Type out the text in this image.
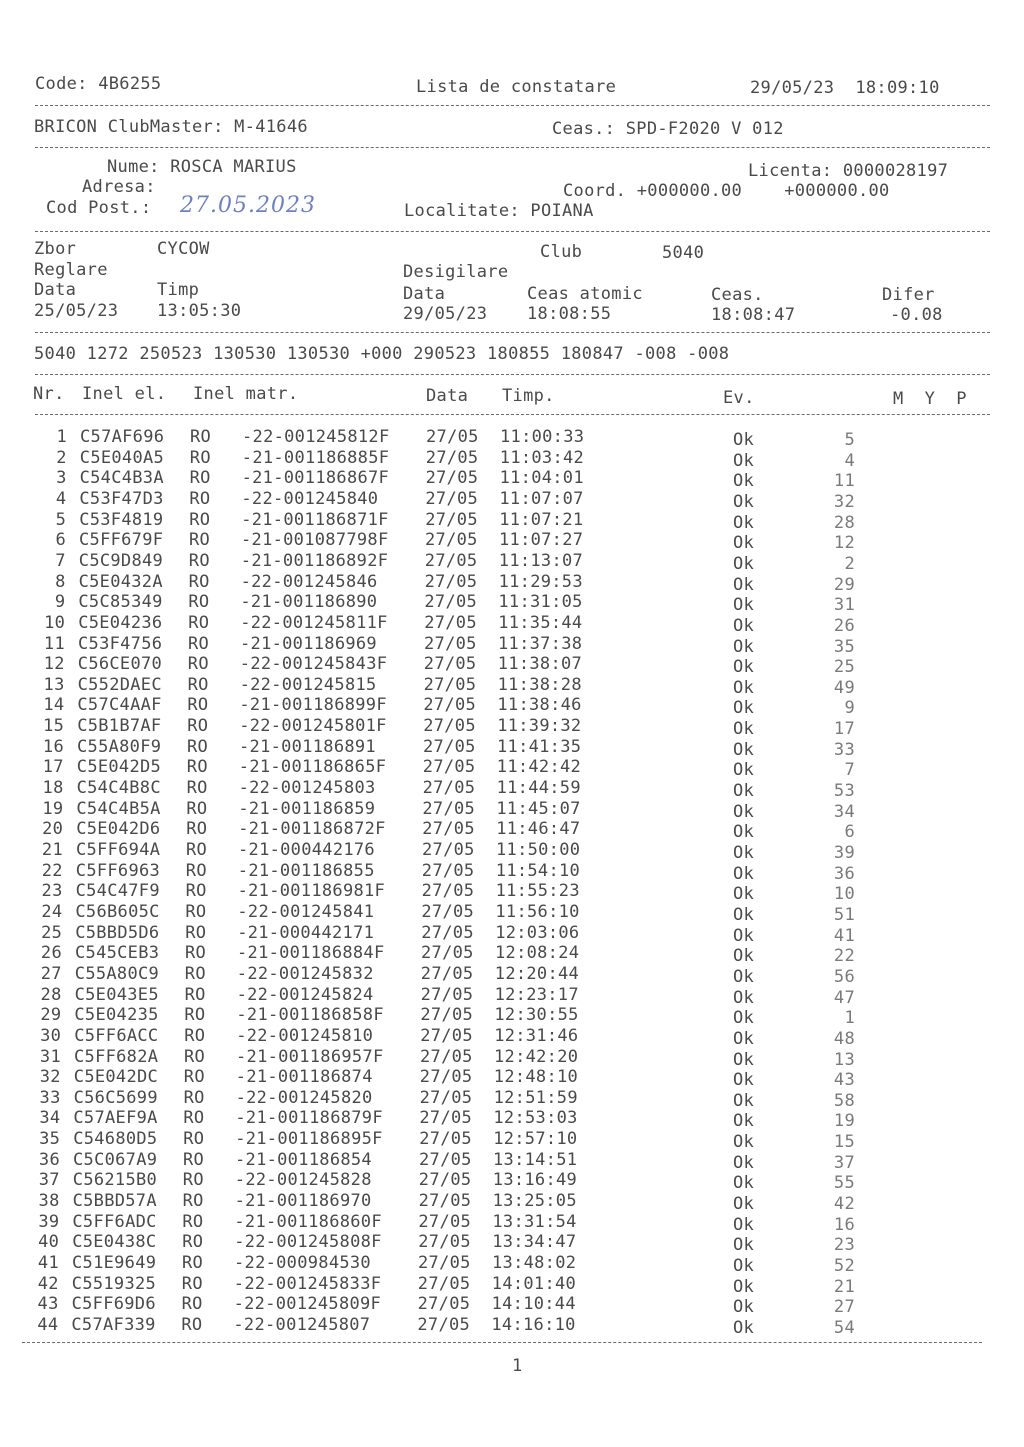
Code: 4B6255	Lista de constatare	29/05/23  18:09:10
BRICON ClubMaster: M-41646	Ceas.: SPD-F2020 V 012
Nume: ROSCA MARIUS	Licenta: 0000028197
Adresa:	Coord. +000000.00    +000000.00
Cod Post.: 27.05.2023	Localitate: POIANA
Zbor	CYCOW	Club	5040
Reglare	Desigilare
Data	Timp	Data	Ceas atomic	Ceas.	Difer
25/05/23 13:05:30	29/05/23 18:08:55	18:08:47	-0.08
5040 1272 250523 130530 130530 +000 290523 180855 180847 -008 -008
Nr. Inel el. Inel matr.	Data Timp.	Ev.	M  Y  P
1 C57AF696 RO -22-001245812F 27/05 11:00:33	Ok	5
2 C5E040A5 RO -21-001186885F 27/05 11:03:42	Ok	4
3 C54C4B3A RO -21-001186867F 27/05 11:04:01	Ok	11
4 C53F47D3 RO -22-001245840	27/05 11:07:07	Ok	32
5 C53F4819 RO -21-001186871F 27/05 11:07:21	Ok	28
6 C5FF679F RO -21-001087798F 27/05 11:07:27	Ok	12
7 C5C9D849 RO -21-001186892F 27/05 11:13:07	Ok	2
8 C5E0432A RO -22-001245846	27/05 11:29:53	Ok	29
9 C5C85349 RO -21-001186890	27/05 11:31:05	Ok	31
10 C5E04236 RO -22-001245811F 27/05 11:35:44	Ok	26
11 C53F4756 RO -21-001186969	27/05 11:37:38	Ok	35
12 C56CE070 RO -22-001245843F 27/05 11:38:07	Ok	25
13 C552DAEC RO -22-001245815	27/05 11:38:28	Ok	49
14 C57C4AAF RO -21-001186899F 27/05 11:38:46	Ok	9
15 C5B1B7AF RO -22-001245801F 27/05 11:39:32	Ok	17
16 C55A80F9 RO -21-001186891	27/05 11:41:35	Ok	33
17 C5E042D5 RO -21-001186865F 27/05 11:42:42	Ok	7
18 C54C4B8C RO -22-001245803	27/05 11:44:59	Ok	53
19 C54C4B5A RO -21-001186859	27/05 11:45:07	Ok	34
20 C5E042D6 RO -21-001186872F 27/05 11:46:47	Ok	6
21 C5FF694A RO -21-000442176	27/05 11:50:00	Ok	39
22 C5FF6963 RO -21-001186855	27/05 11:54:10	Ok	36
23 C54C47F9 RO -21-001186981F 27/05 11:55:23	Ok	10
24 C56B605C RO -22-001245841	27/05 11:56:10	Ok	51
25 C5BBD5D6 RO -21-000442171	27/05 12:03:06	Ok	41
26 C545CEB3 RO -21-001186884F 27/05 12:08:24	Ok	22
27 C55A80C9 RO -22-001245832	27/05 12:20:44	Ok	56
28 C5E043E5 RO -22-001245824	27/05 12:23:17	Ok	47
29 C5E04235 RO -21-001186858F 27/05 12:30:55	Ok	1
30 C5FF6ACC RO -22-001245810	27/05 12:31:46	Ok	48
31 C5FF682A RO -21-001186957F 27/05 12:42:20	Ok	13
32 C5E042DC RO -21-001186874	27/05 12:48:10	Ok	43
33 C56C5699 RO -22-001245820	27/05 12:51:59	Ok	58
34 C57AEF9A RO -21-001186879F 27/05 12:53:03	Ok	19
35 C54680D5 RO -21-001186895F 27/05 12:57:10	Ok	15
36 C5C067A9 RO -21-001186854	27/05 13:14:51	Ok	37
37 C56215B0 RO -22-001245828	27/05 13:16:49	Ok	55
38 C5BBD57A RO -21-001186970	27/05 13:25:05	Ok	42
39 C5FF6ADC RO -21-001186860F 27/05 13:31:54	Ok	16
40 C5E0438C RO -22-001245808F 27/05 13:34:47	Ok	23
41 C51E9649 RO -22-000984530	27/05 13:48:02	Ok	52
42 C5519325 RO -22-001245833F 27/05 14:01:40	Ok	21
43 C5FF69D6 RO -22-001245809F 27/05 14:10:44	Ok	27
44 C57AF339 RO -22-001245807	27/05 14:16:10	Ok	54
1
